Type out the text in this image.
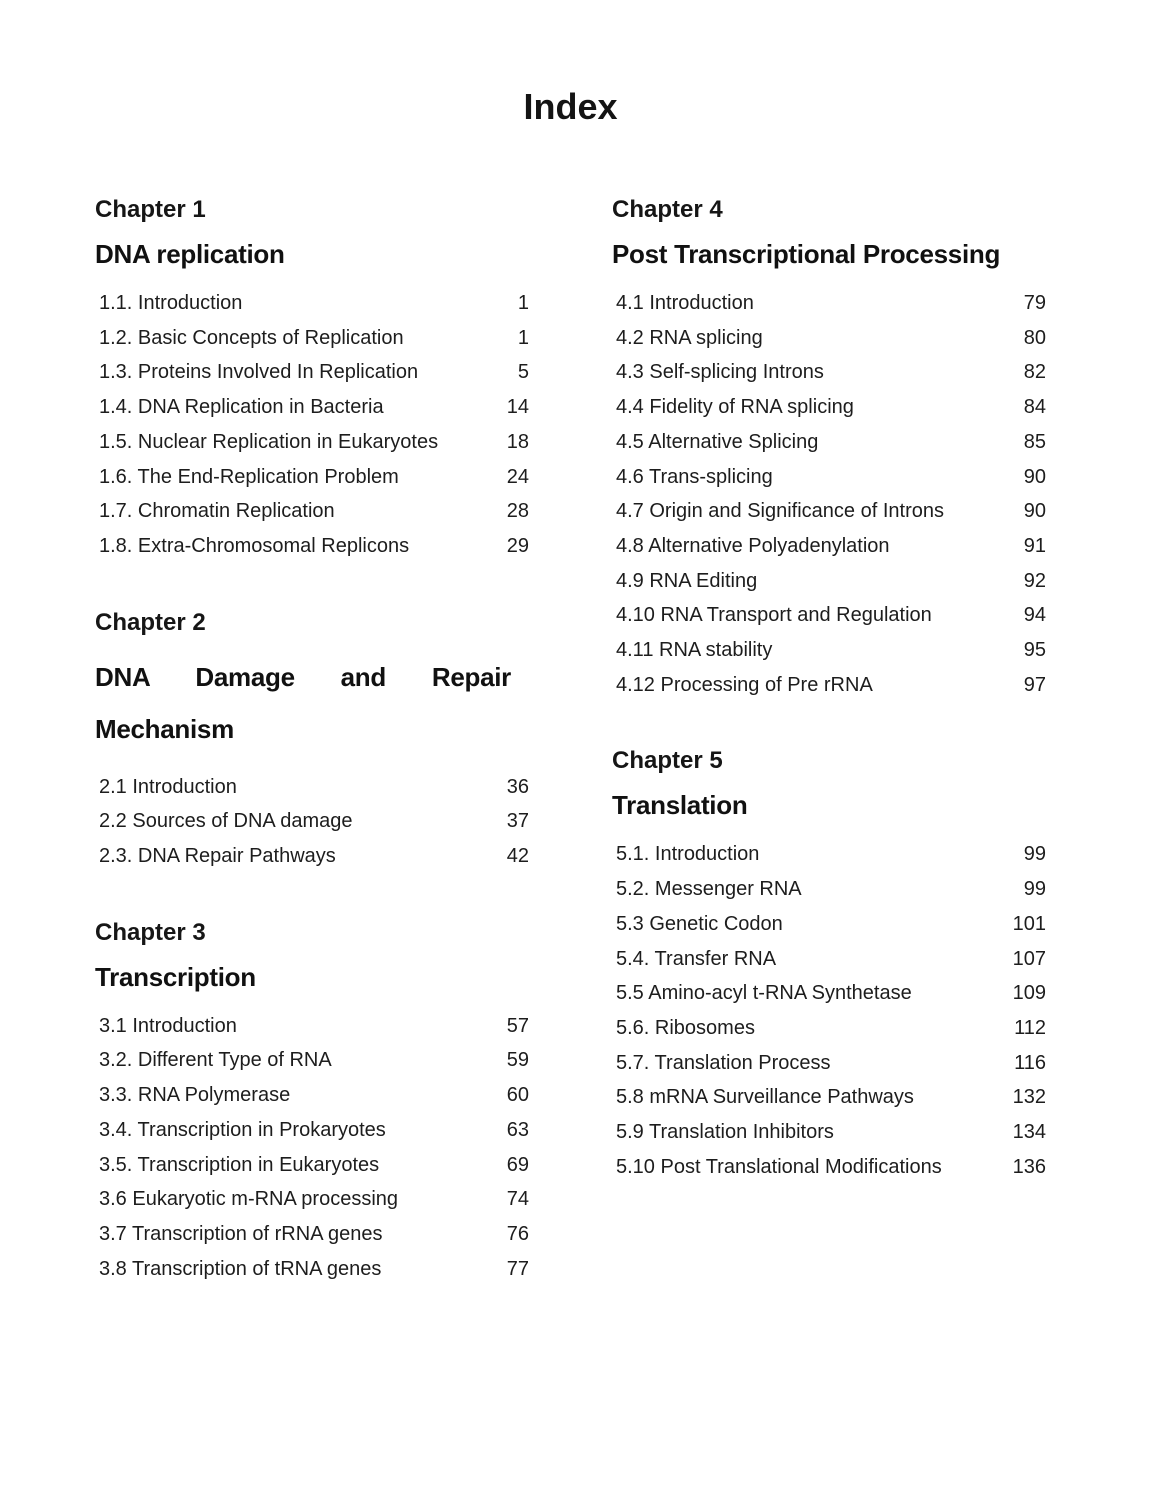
Index
Chapter 1
DNA replication
1.1. Introduction	1
1.2. Basic Concepts of Replication	1
1.3. Proteins Involved In Replication	5
1.4. DNA Replication in Bacteria	14
1.5. Nuclear Replication in Eukaryotes	18
1.6. The End-Replication Problem	24
1.7. Chromatin Replication	28
1.8. Extra-Chromosomal Replicons	29
Chapter 2
DNA Damage and Repair Mechanism
2.1 Introduction	36
2.2 Sources of DNA damage	37
2.3. DNA Repair Pathways	42
Chapter 3
Transcription
3.1 Introduction	57
3.2. Different Type of RNA	59
3.3. RNA Polymerase	60
3.4. Transcription in Prokaryotes	63
3.5. Transcription in Eukaryotes	69
3.6 Eukaryotic m-RNA processing	74
3.7 Transcription of rRNA genes	76
3.8 Transcription of tRNA genes	77
Chapter 4
Post Transcriptional Processing
4.1 Introduction	79
4.2 RNA splicing	80
4.3 Self-splicing Introns	82
4.4 Fidelity of RNA splicing	84
4.5 Alternative Splicing	85
4.6 Trans-splicing	90
4.7 Origin and Significance of Introns	90
4.8 Alternative Polyadenylation	91
4.9 RNA Editing	92
4.10 RNA Transport and Regulation	94
4.11 RNA stability	95
4.12 Processing of Pre rRNA	97
Chapter 5
Translation
5.1. Introduction	99
5.2. Messenger RNA	99
5.3 Genetic Codon	101
5.4. Transfer RNA	107
5.5 Amino-acyl t-RNA Synthetase	109
5.6. Ribosomes	112
5.7. Translation Process	116
5.8 mRNA Surveillance Pathways	132
5.9 Translation Inhibitors	134
5.10 Post Translational Modifications	136
